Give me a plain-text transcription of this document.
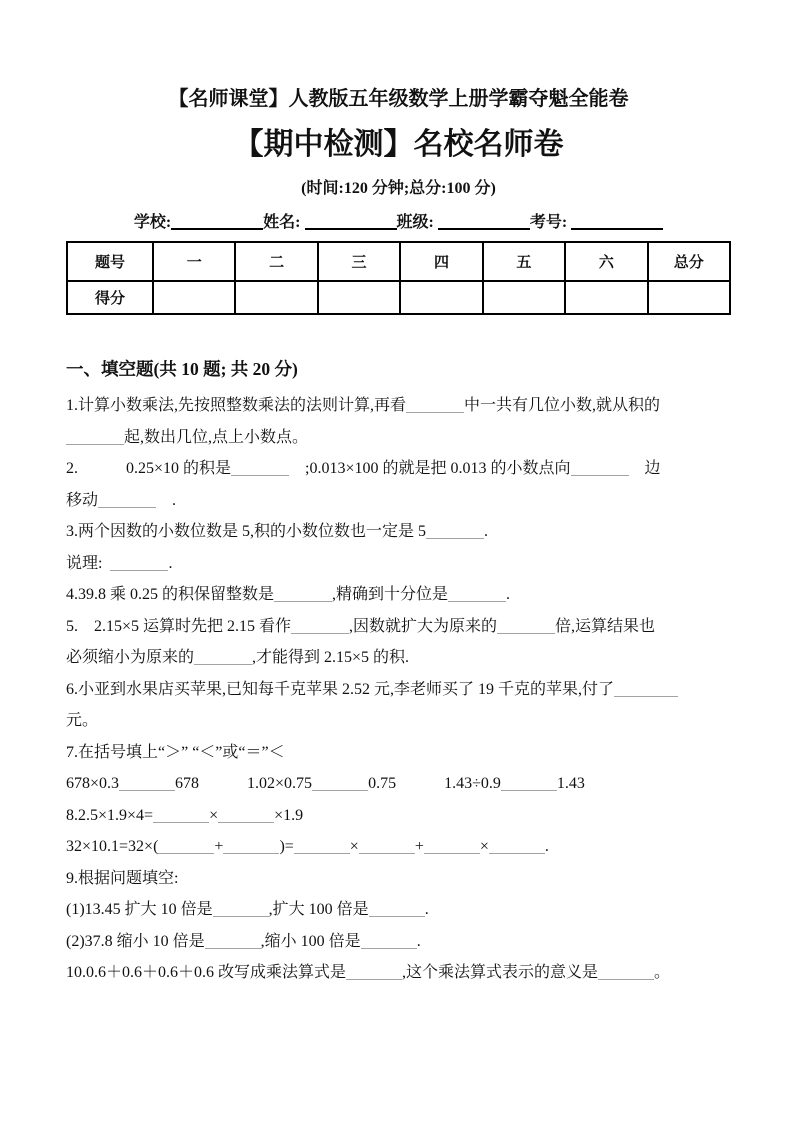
【名师课堂】人教版五年级数学上册学霸夺魁全能卷
【期中检测】名校名师卷
(时间:120 分钟;总分:100 分)
学校:	姓名:	班级:	考号:
题号	一	二	三	四	五	六	总分
得分							
一、填空题(共 10 题; 共 20 分)
1.计算小数乘法,先按照整数乘法的法则计算,再看	中一共有几位小数,就从积的
起,数出几位,点上小数点。
2.　　　0.25×10 的积是	　;0.013×100 的就是把 0.013 的小数点向	　边
移动	　.
3.两个因数的小数位数是 5,积的小数位数也一定是 5	.
说理: 	.
4.39.8 乘 0.25 的积保留整数是	,精确到十分位是	.
5.　2.15×5 运算时先把 2.15 看作	,因数就扩大为原来的	倍,运算结果也
必须缩小为原来的	,才能得到 2.15×5 的积.
6.小亚到水果店买苹果,已知每千克苹果 2.52 元,李老师买了 19 千克的苹果,付了
元。
7.在括号填上“＞” “＜”或“＝”＜
678×0.3	678　　　1.02×0.75	0.75　　　1.43÷0.9	1.43
8.2.5×1.9×4=	×	×1.9
32×10.1=32×(	+	)=	×	+	×	.
9.根据问题填空:
(1)13.45 扩大 10 倍是	,扩大 100 倍是	.
(2)37.8 缩小 10 倍是	,缩小 100 倍是	.
10.0.6＋0.6＋0.6＋0.6 改写成乘法算式是	,这个乘法算式表示的意义是	。
